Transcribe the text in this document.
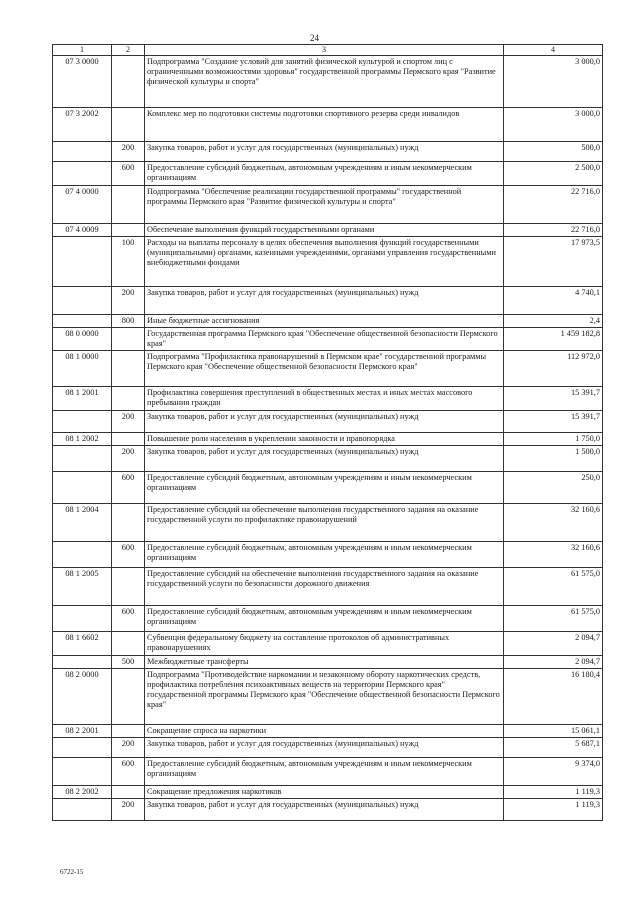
24
1	2	3	4
07 3 0000		Подпрограмма "Создание условий для занятий физической культурой и спортом лиц с ограниченными возможностями здоровья" государственной программы Пермского края "Развитие физической культуры и спорта"	3 000,0
07 3 2002		Комплекс мер по подготовки системы подготовки спортивного резерва среди инвалидов	3 000,0
	200	Закупка товаров, работ и услуг для государственных (муниципальных) нужд	500,0
	600	Предоставление субсидий бюджетным, автономным учреждениям и иным некоммерческим организациям	2 500,0
07 4 0000		Подпрограмма "Обеспечение реализации государственной программы" государственной программы Пермского края "Развитие физической культуры и спорта"	22 716,0
07 4 0009		Обеспечение выполнения функций государственными органами	22 716,0
	100	Расходы на выплаты персоналу в целях обеспечения выполнения функций государственными (муниципальными) органами, казенными учреждениями, органами управления государственными внебюджетными фондами	17 973,5
	200	Закупка товаров, работ и услуг для государственных (муниципальных) нужд	4 740,1
	800	Иные бюджетные ассигнования	2,4
08 0 0000		Государственная программа Пермского края "Обеспечение общественной безопасности Пермского края"	1 459 182,8
08 1 0000		Подпрограмма "Профилактика правонарушений в Пермском крае" государственной программы Пермского края "Обеспечение общественной безопасности Пермского края"	112 972,0
08 1 2001		Профилактика совершения преступлений в общественных местах и иных местах массового пребывания граждан	15 391,7
	200	Закупка товаров, работ и услуг для государственных (муниципальных) нужд	15 391,7
08 1 2002		Повышение роли населения в укреплении законности и правопорядка	1 750,0
	200	Закупка товаров, работ и услуг для государственных (муниципальных) нужд	1 500,0
	600	Предоставление субсидий бюджетным, автономным учреждениям и иным некоммерческим организациям	250,0
08 1 2004		Предоставление субсидий на обеспечение выполнения государственного задания на оказание государственной услуги по профилактике правонарушений	32 160,6
	600	Предоставление субсидий бюджетным, автономным учреждениям и иным некоммерческим организациям	32 160,6
08 1 2005		Предоставление субсидий на обеспечение выполнения государственного задания на оказание государственной услуги по безопасности дорожного движения	61 575,0
	600	Предоставление субсидий бюджетным, автономным учреждениям и иным некоммерческим организациям	61 575,0
08 1 6602		Субвенция федеральному бюджету на составление протоколов об административных правонарушениях	2 094,7
	500	Межбюджетные трансферты	2 094,7
08 2 0000		Подпрограмма "Противодействие наркомании и незаконному обороту наркотических средств, профилактика потребления психоактивных веществ на территории Пермского края" государственной программы Пермского края "Обеспечение общественной безопасности Пермского края"	16 180,4
08 2 2001		Сокращение спроса на наркотики	15 061,1
	200	Закупка товаров, работ и услуг для государственных (муниципальных) нужд	5 687,1
	600	Предоставление субсидий бюджетным, автономным учреждениям и иным некоммерческим организациям	9 374,0
08 2 2002		Сокращение предложения наркотиков	1 119,3
	200	Закупка товаров, работ и услуг для государственных (муниципальных) нужд	1 119,3
6722-15
